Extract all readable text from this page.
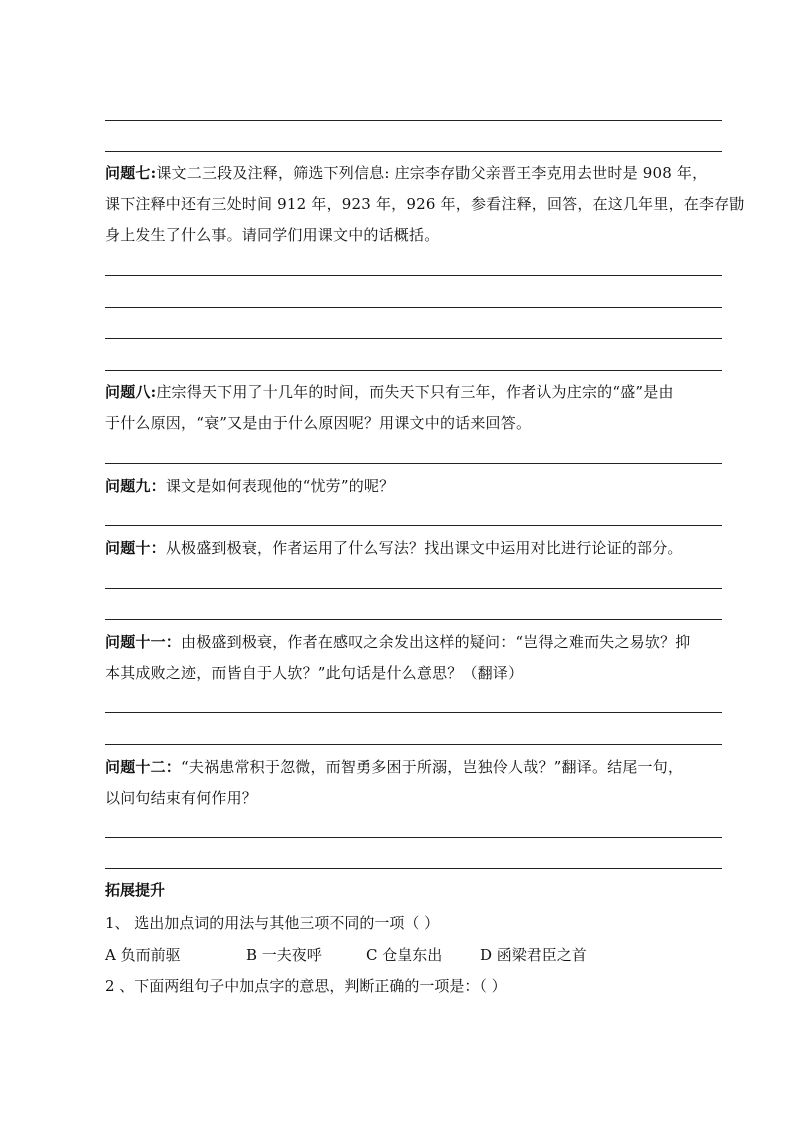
问题七:课文二三段及注释，筛选下列信息: 庄宗李存勖父亲晋王李克用去世时是 908 年，
课下注释中还有三处时间 912 年，923 年，926 年，参看注释，回答，在这几年里，在李存勖
身上发生了什么事。请同学们用课文中的话概括。
问题八:庄宗得天下用了十几年的时间，而失天下只有三年，作者认为庄宗的“盛”是由
于什么原因，“衰”又是由于什么原因呢？用课文中的话来回答。
问题九：课文是如何表现他的“忧劳”的呢？
问题十：从极盛到极衰，作者运用了什么写法？找出课文中运用对比进行论证的部分。
问题十一：由极盛到极衰，作者在感叹之余发出这样的疑问：“岂得之难而失之易欤？抑
本其成败之迹，而皆自于人欤？”此句话是什么意思？（翻译）
问题十二：“夫祸患常积于忽微，而智勇多困于所溺，岂独伶人哉？”翻译。结尾一句，
以问句结束有何作用？
拓展提升
1、 选出加点词的用法与其他三项不同的一项（ ）
A 负而前驱	B 一夫夜呼	C 仓皇东出	D 函梁君臣之首
2 、下面两组句子中加点字的意思，判断正确的一项是：（ ）
